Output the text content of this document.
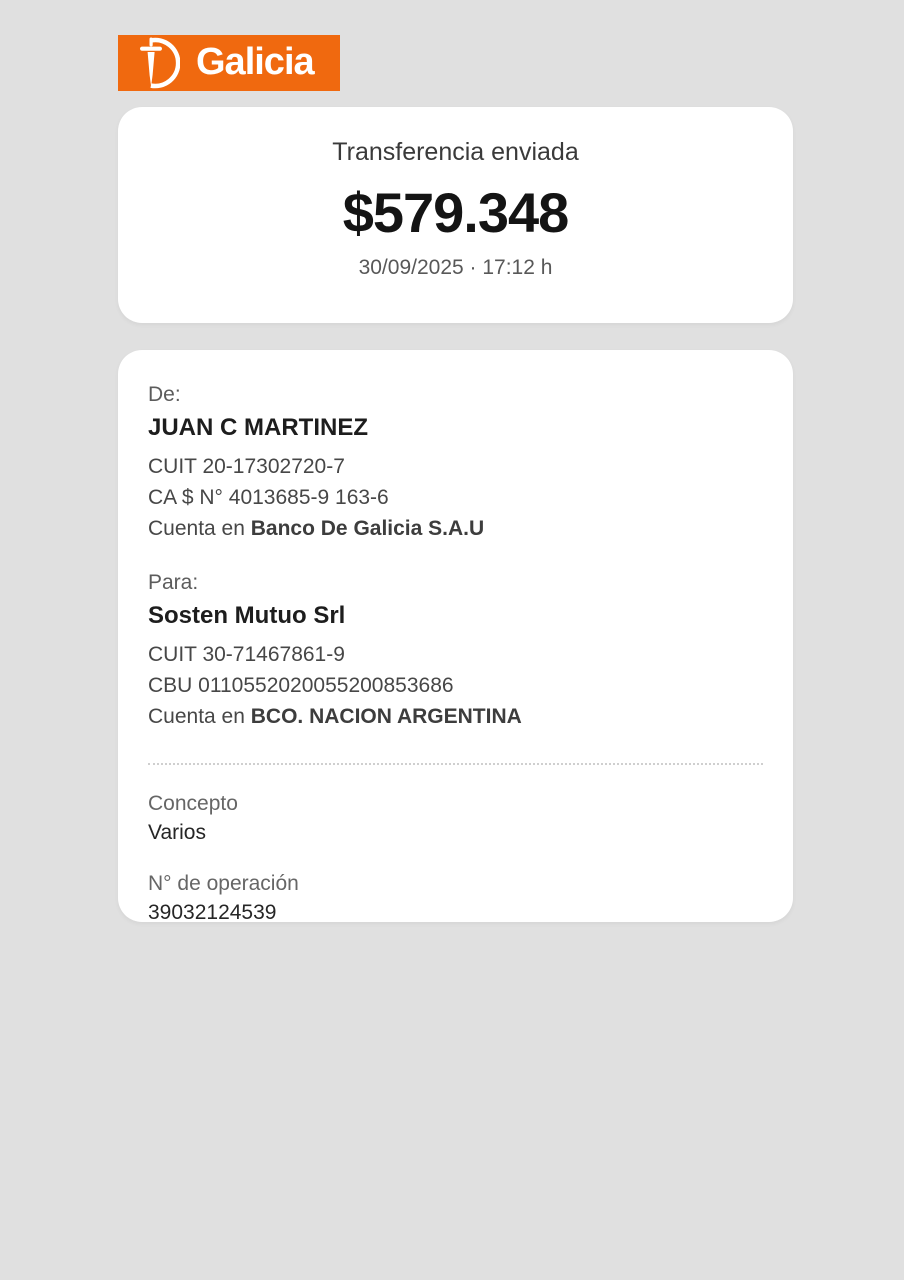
Galicia
Transferencia enviada
$579.348
30/09/2025 · 17:12 h
De:
JUAN C MARTINEZ
CUIT 20-17302720-7
CA $ N° 4013685-9 163-6
Cuenta en Banco De Galicia S.A.U
Para:
Sosten Mutuo Srl
CUIT 30-71467861-9
CBU 0110552020055200853686
Cuenta en BCO. NACION ARGENTINA
Concepto
Varios
N° de operación
39032124539
